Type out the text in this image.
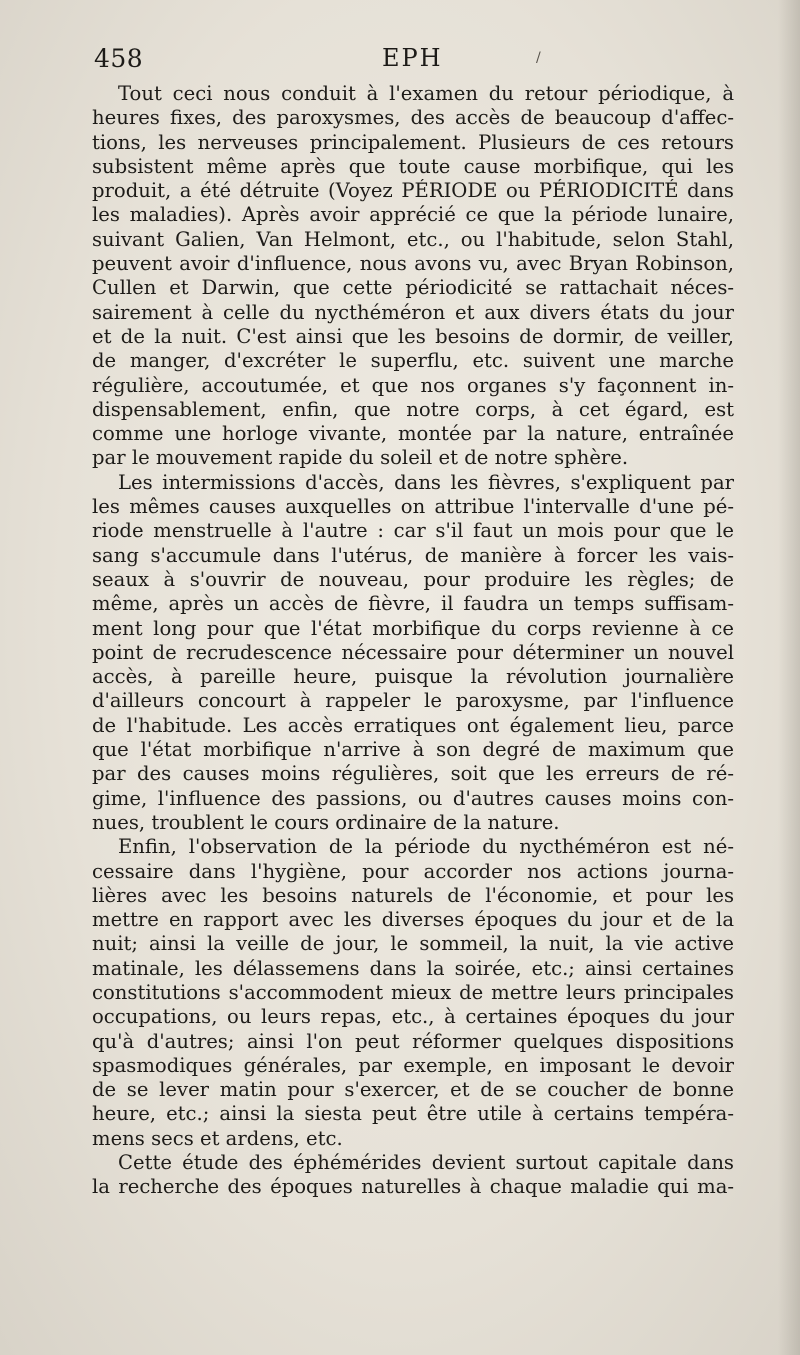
458	EPH	/
Tout ceci nous conduit à l'examen du retour périodique, à
heures fixes, des paroxysmes, des accès de beaucoup d'affec-
tions, les nerveuses principalement. Plusieurs de ces retours
subsistent même après que toute cause morbifique, qui les
produit, a été détruite (Voyez PÉRIODE ou PÉRIODICITÉ dans
les maladies). Après avoir apprécié ce que la période lunaire,
suivant Galien, Van Helmont, etc., ou l'habitude, selon Stahl,
peuvent avoir d'influence, nous avons vu, avec Bryan Robinson,
Cullen et Darwin, que cette périodicité se rattachait néces-
sairement à celle du nycthéméron et aux divers états du jour
et de la nuit. C'est ainsi que les besoins de dormir, de veiller,
de manger, d'excréter le superflu, etc. suivent une marche
régulière, accoutumée, et que nos organes s'y façonnent in-
dispensablement, enfin, que notre corps, à cet égard, est
comme une horloge vivante, montée par la nature, entraînée
par le mouvement rapide du soleil et de notre sphère.
Les intermissions d'accès, dans les fièvres, s'expliquent par
les mêmes causes auxquelles on attribue l'intervalle d'une pé-
riode menstruelle à l'autre : car s'il faut un mois pour que le
sang s'accumule dans l'utérus, de manière à forcer les vais-
seaux à s'ouvrir de nouveau, pour produire les règles; de
même, après un accès de fièvre, il faudra un temps suffisam-
ment long pour que l'état morbifique du corps revienne à ce
point de recrudescence nécessaire pour déterminer un nouvel
accès, à pareille heure, puisque la révolution journalière
d'ailleurs concourt à rappeler le paroxysme, par l'influence
de l'habitude. Les accès erratiques ont également lieu, parce
que l'état morbifique n'arrive à son degré de maximum que
par des causes moins régulières, soit que les erreurs de ré-
gime, l'influence des passions, ou d'autres causes moins con-
nues, troublent le cours ordinaire de la nature.
Enfin, l'observation de la période du nycthéméron est né-
cessaire dans l'hygiène, pour accorder nos actions journa-
lières avec les besoins naturels de l'économie, et pour les
mettre en rapport avec les diverses époques du jour et de la
nuit; ainsi la veille de jour, le sommeil, la nuit, la vie active
matinale, les délassemens dans la soirée, etc.; ainsi certaines
constitutions s'accommodent mieux de mettre leurs principales
occupations, ou leurs repas, etc., à certaines époques du jour
qu'à d'autres; ainsi l'on peut réformer quelques dispositions
spasmodiques générales, par exemple, en imposant le devoir
de se lever matin pour s'exercer, et de se coucher de bonne
heure, etc.; ainsi la siesta peut être utile à certains tempéra-
mens secs et ardens, etc.
Cette étude des éphémérides devient surtout capitale dans
la recherche des époques naturelles à chaque maladie qui ma-
